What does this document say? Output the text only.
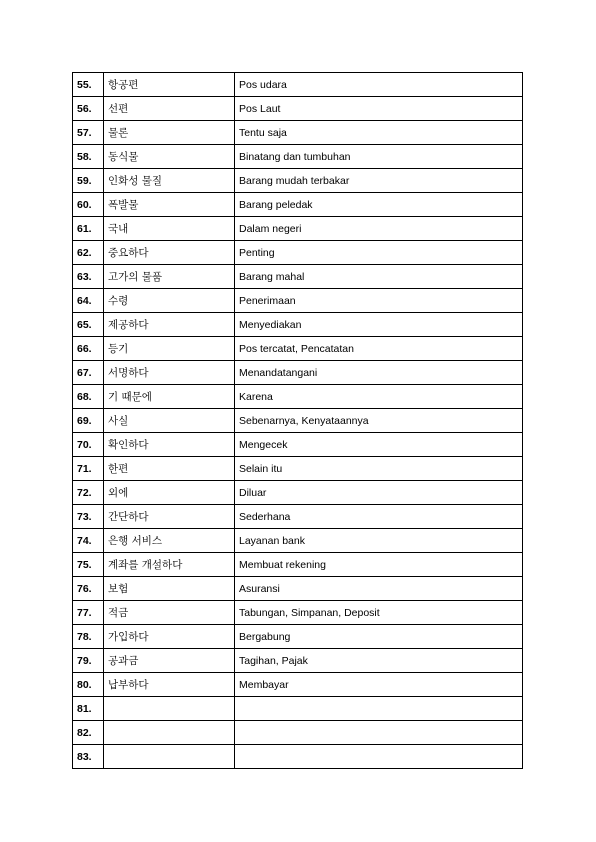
55.	항공편	Pos udara
56.	선편	Pos Laut
57.	물론	Tentu saja
58.	동식물	Binatang dan tumbuhan
59.	인화성 물질	Barang mudah terbakar
60.	폭발물	Barang peledak
61.	국내	Dalam negeri
62.	중요하다	Penting
63.	고가의 물품	Barang mahal
64.	수령	Penerimaan
65.	제공하다	Menyediakan
66.	등기	Pos tercatat, Pencatatan
67.	서명하다	Menandatangani
68.	기 때문에	Karena
69.	사실	Sebenarnya, Kenyataannya
70.	확인하다	Mengecek
71.	한편	Selain itu
72.	외에	Diluar
73.	간단하다	Sederhana
74.	은행 서비스	Layanan bank
75.	계좌를 개설하다	Membuat rekening
76.	보험	Asuransi
77.	적금	Tabungan, Simpanan, Deposit
78.	가입하다	Bergabung
79.	공과금	Tagihan, Pajak
80.	납부하다	Membayar
81.		
82.		
83.		
